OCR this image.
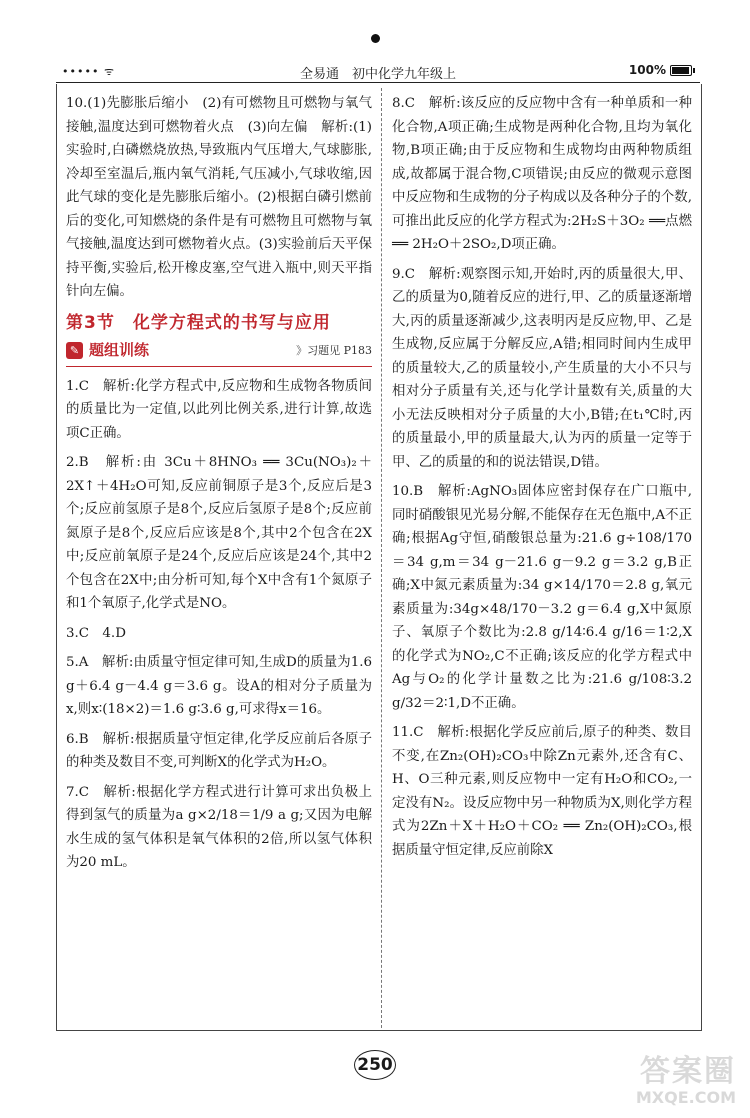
••••• ᯤ	全易通　初中化学九年级上	100%

10.(1)先膨胀后缩小　(2)有可燃物且可燃物与氧气接触,温度达到可燃物着火点　(3)向左偏　解析:(1)实验时,白磷燃烧放热,导致瓶内气压增大,气球膨胀,冷却至室温后,瓶内氧气消耗,气压减小,气球收缩,因此气球的变化是先膨胀后缩小。(2)根据白磷引燃前后的变化,可知燃烧的条件是有可燃物且可燃物与氧气接触,温度达到可燃物着火点。(3)实验前后天平保持平衡,实验后,松开橡皮塞,空气进入瓶中,则天平指针向左偏。

第3节　化学方程式的书写与应用
✎ 题组训练	》习题见 P183

1.C　解析:化学方程式中,反应物和生成物各物质间的质量比为一定值,以此列比例关系,进行计算,故选项C正确。

2.B　解析:由 3Cu＋8HNO₃ ══ 3Cu(NO₃)₂＋2X↑＋4H₂O可知,反应前铜原子是3个,反应后是3个;反应前氢原子是8个,反应后氢原子是8个;反应前氮原子是8个,反应后应该是8个,其中2个包含在2X中;反应前氧原子是24个,反应后应该是24个,其中2个包含在2X中;由分析可知,每个X中含有1个氮原子和1个氧原子,化学式是NO。

3.C　4.D

5.A　解析:由质量守恒定律可知,生成D的质量为1.6 g＋6.4 g－4.4 g＝3.6 g。设A的相对分子质量为x,则x∶(18×2)＝1.6 g∶3.6 g,可求得x＝16。

6.B　解析:根据质量守恒定律,化学反应前后各原子的种类及数目不变,可判断X的化学式为H₂O。

7.C　解析:根据化学方程式进行计算可求出负极上得到氢气的质量为a g×2/18＝1/9 a g;又因为电解水生成的氢气体积是氧气体积的2倍,所以氢气体积为20 mL。

8.C　解析:该反应的反应物中含有一种单质和一种化合物,A项正确;生成物是两种化合物,且均为氧化物,B项正确;由于反应物和生成物均由两种物质组成,故都属于混合物,C项错误;由反应的微观示意图中反应物和生成物的分子构成以及各种分子的个数,可推出此反应的化学方程式为:2H₂S＋3O₂ ══点燃══ 2H₂O＋2SO₂,D项正确。

9.C　解析:观察图示知,开始时,丙的质量很大,甲、乙的质量为0,随着反应的进行,甲、乙的质量逐渐增大,丙的质量逐渐减少,这表明丙是反应物,甲、乙是生成物,反应属于分解反应,A错;相同时间内生成甲的质量较大,乙的质量较小,产生质量的大小不只与相对分子质量有关,还与化学计量数有关,质量的大小无法反映相对分子质量的大小,B错;在t₁℃时,丙的质量最小,甲的质量最大,认为丙的质量一定等于甲、乙的质量的和的说法错误,D错。

10.B　解析:AgNO₃固体应密封保存在广口瓶中,同时硝酸银见光易分解,不能保存在无色瓶中,A不正确;根据Ag守恒,硝酸银总量为:21.6 g÷108/170＝34 g,m＝34 g－21.6 g－9.2 g＝3.2 g,B正确;X中氮元素质量为:34 g×14/170＝2.8 g,氧元素质量为:34g×48/170－3.2 g＝6.4 g,X中氮原子、氧原子个数比为:2.8 g/14∶6.4 g/16＝1∶2,X的化学式为NO₂,C不正确;该反应的化学方程式中Ag与O₂的化学计量数之比为:21.6 g/108∶3.2 g/32＝2∶1,D不正确。

11.C　解析:根据化学反应前后,原子的种类、数目不变,在Zn₂(OH)₂CO₃中除Zn元素外,还含有C、H、O三种元素,则反应物中一定有H₂O和CO₂,一定没有N₂。设反应物中另一种物质为X,则化学方程式为2Zn＋X＋H₂O＋CO₂ ══ Zn₂(OH)₂CO₃,根据质量守恒定律,反应前除X

250	答案圈
MXQE.COM
